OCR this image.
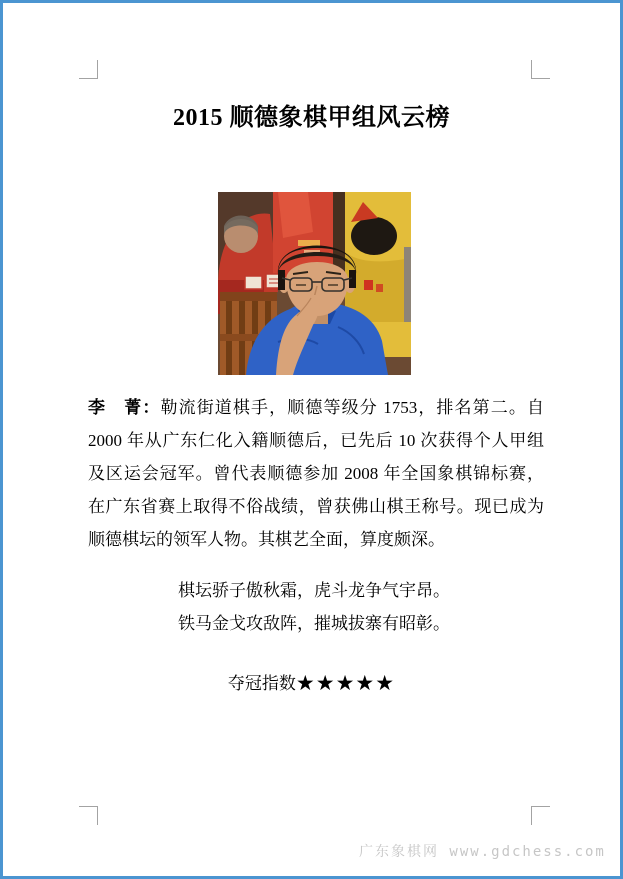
2015 顺德象棋甲组风云榜
李　菁：勒流街道棋手，顺德等级分 1753，排名第二。自
2000 年从广东仁化入籍顺德后，已先后 10 次获得个人甲组
及区运会冠军。曾代表顺德参加 2008 年全国象棋锦标赛，
在广东省赛上取得不俗战绩，曾获佛山棋王称号。现已成为
顺德棋坛的领军人物。其棋艺全面，算度颇深。
棋坛骄子傲秋霜，虎斗龙争气宇昂。
铁马金戈攻敌阵，摧城拔寨有昭彰。
夺冠指数★★★★★
广东象棋网 www.gdchess.com
